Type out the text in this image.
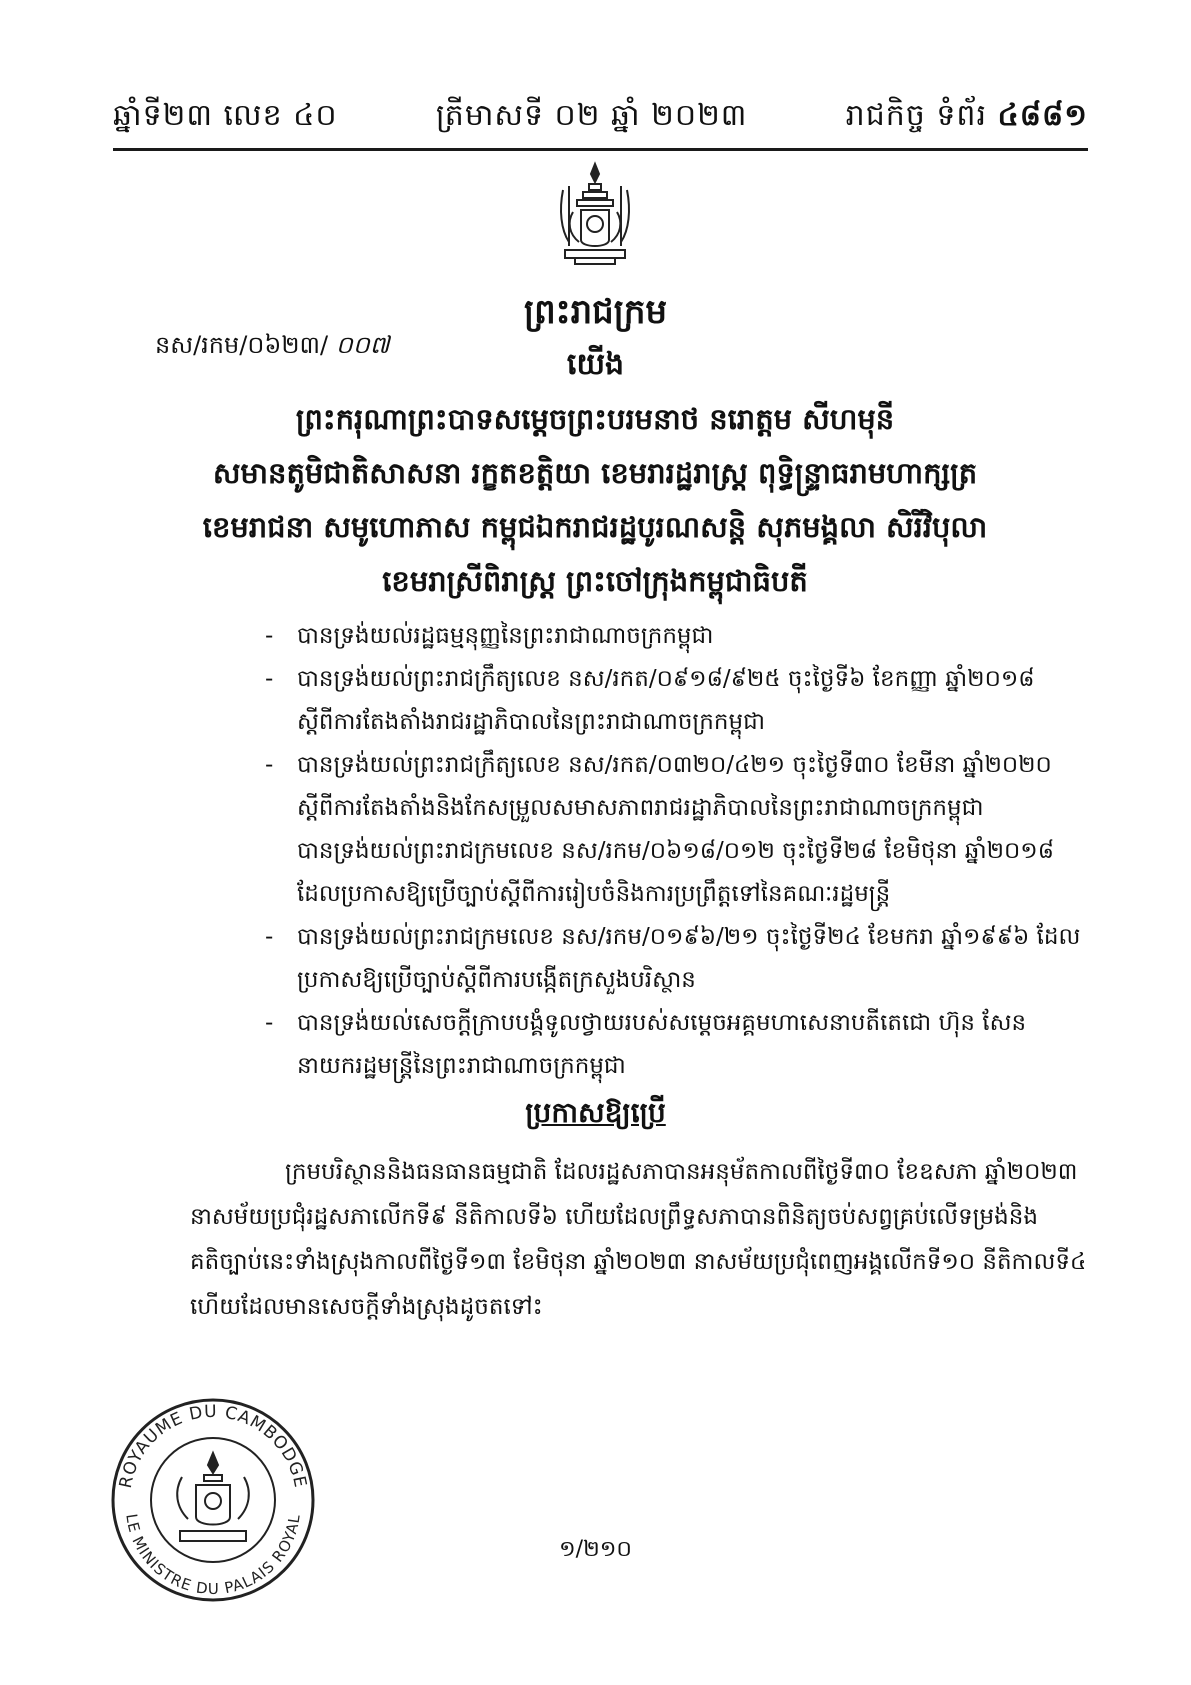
ឆ្នាំទី២៣ លេខ ៤០	ត្រីមាសទី ០២ ឆ្នាំ ២០២៣	រាជកិច្ច ទំព័រ ៤៨៨១
ព្រះរាជក្រម
នស/រកម/០៦២៣/ ០០៧
យើង
ព្រះករុណាព្រះបាទសម្តេចព្រះបរមនាថ នរោត្តម សីហមុនី
សមានតូមិជាតិសាសនា រក្ខតខត្តិយា ខេមរារដ្ឋរាស្ត្រ ពុទ្ធិន្ទ្រាធរាមហាក្សត្រ
ខេមរាជនា សមូហោភាស កម្ពុជឯករាជរដ្ឋបូរណសន្តិ សុភមង្គលា សិរីវិបុលា
ខេមរាស្រីពិរាស្ត្រ ព្រះចៅក្រុងកម្ពុជាធិបតី
- បានទ្រង់យល់រដ្ឋធម្មនុញ្ញនៃព្រះរាជាណាចក្រកម្ពុជា
- បានទ្រង់យល់ព្រះរាជក្រឹត្យលេខ នស/រកត/០៩១៨/៩២៥ ចុះថ្ងៃទី៦ ខែកញ្ញា ឆ្នាំ២០១៨
ស្តីពីការតែងតាំងរាជរដ្ឋាភិបាលនៃព្រះរាជាណាចក្រកម្ពុជា
- បានទ្រង់យល់ព្រះរាជក្រឹត្យលេខ នស/រកត/០៣២០/៤២១ ចុះថ្ងៃទី៣០ ខែមីនា ឆ្នាំ២០២០
ស្តីពីការតែងតាំងនិងកែសម្រួលសមាសភាពរាជរដ្ឋាភិបាលនៃព្រះរាជាណាចក្រកម្ពុជា
បានទ្រង់យល់ព្រះរាជក្រមលេខ នស/រកម/០៦១៨/០១២ ចុះថ្ងៃទី២៨ ខែមិថុនា ឆ្នាំ២០១៨
ដែលប្រកាសឱ្យប្រើច្បាប់ស្តីពីការរៀបចំនិងការប្រព្រឹត្តទៅនៃគណៈរដ្ឋមន្ត្រី
- បានទ្រង់យល់ព្រះរាជក្រមលេខ នស/រកម/០១៩៦/២១ ចុះថ្ងៃទី២៤ ខែមករា ឆ្នាំ១៩៩៦ ដែល
ប្រកាសឱ្យប្រើច្បាប់ស្តីពីការបង្កើតក្រសួងបរិស្ថាន
- បានទ្រង់យល់សេចក្តីក្រាបបង្គំទូលថ្វាយរបស់សម្តេចអគ្គមហាសេនាបតីតេជោ ហ៊ុន សែន
នាយករដ្ឋមន្ត្រីនៃព្រះរាជាណាចក្រកម្ពុជា
ប្រកាសឱ្យប្រើ
ក្រមបរិស្ថាននិងធនធានធម្មជាតិ ដែលរដ្ឋសភាបានអនុម័តកាលពីថ្ងៃទី៣០ ខែឧសភា ឆ្នាំ២០២៣
នាសម័យប្រជុំរដ្ឋសភាលើកទី៩ នីតិកាលទី៦ ហើយដែលព្រឹទ្ធសភាបានពិនិត្យចប់សព្វគ្រប់លើទម្រង់និង
គតិច្បាប់នេះទាំងស្រុងកាលពីថ្ងៃទី១៣ ខែមិថុនា ឆ្នាំ២០២៣ នាសម័យប្រជុំពេញអង្គលើកទី១០ នីតិកាលទី៤
ហើយដែលមានសេចក្តីទាំងស្រុងដូចតទៅះ
ROYAUME DU CAMBODGE
LE MINISTRE DU PALAIS ROYAL
១/២១០
